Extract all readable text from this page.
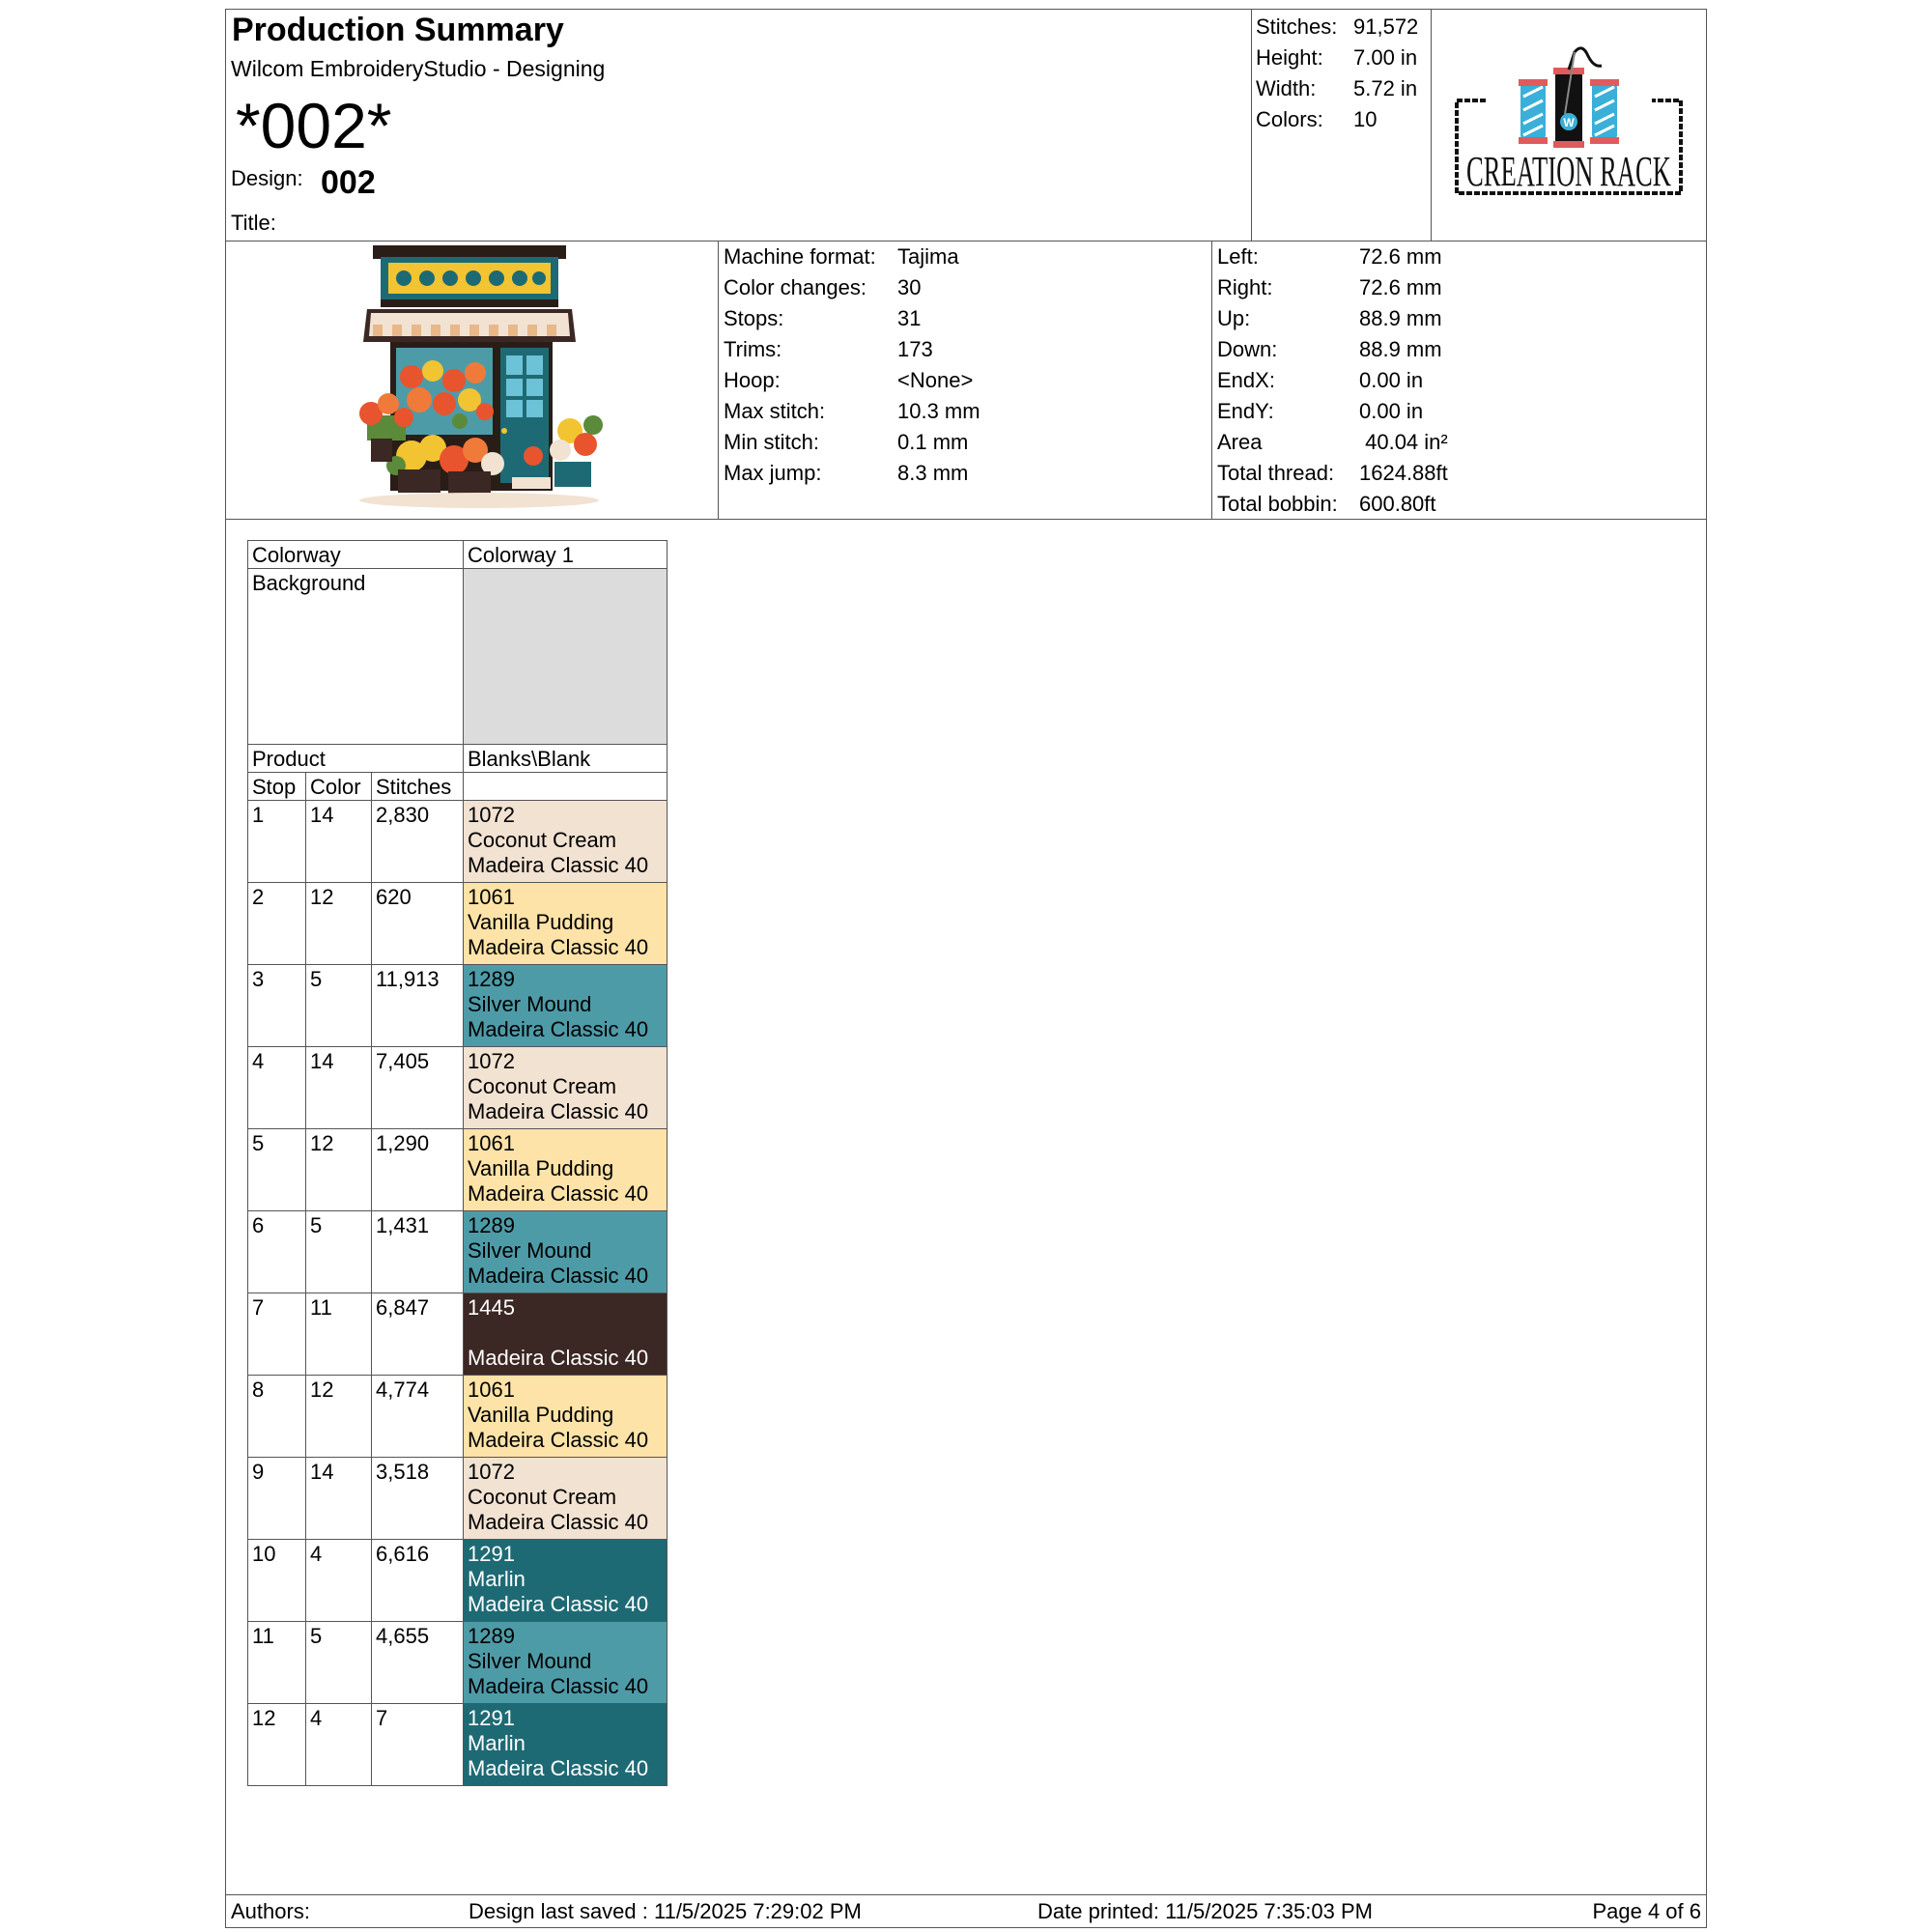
Production Summary
Wilcom EmbroideryStudio - Designing
*002*
Design: 002
Title:
Stitches: 91,572
Height:	7.00 in
Width:	5.72 in
Colors:	10	W
CREATION RACK
Machine format:	Tajima
Color changes:	30
Stops:	31
Trims:	173
Hoop:	<None>
Max stitch:	10.3 mm
Min stitch:	0.1 mm
Max jump:	8.3 mm
Left:	72.6 mm
Right:	72.6 mm
Up:	88.9 mm
Down:	88.9 mm
EndX:	0.00 in
EndY:	0.00 in
Area	40.04 in²
Total thread:	1624.88ft
Total bobbin:	600.80ft
Colorway			Colorway 1
Background			
Product			Blanks\Blank
Stop	Color	Stitches	
1	14	2,830	1072
Coconut Cream
Madeira Classic 40

2	12	620	1061
Vanilla Pudding
Madeira Classic 40

3	5	11,913	1289
Silver Mound
Madeira Classic 40

4	14	7,405	1072
Coconut Cream
Madeira Classic 40

5	12	1,290	1061
Vanilla Pudding
Madeira Classic 40

6	5	1,431	1289
Silver Mound
Madeira Classic 40

7	11	6,847	1445
Madeira Classic 40

8	12	4,774	1061
Vanilla Pudding
Madeira Classic 40

9	14	3,518	1072
Coconut Cream
Madeira Classic 40

10	4	6,616	1291
Marlin
Madeira Classic 40

11	5	4,655	1289
Silver Mound
Madeira Classic 40

12	4	7	1291
Marlin
Madeira Classic 40
Authors:	Design last saved : 11/5/2025 7:29:02 PM	Date printed: 11/5/2025 7:35:03 PM	Page 4 of 6
